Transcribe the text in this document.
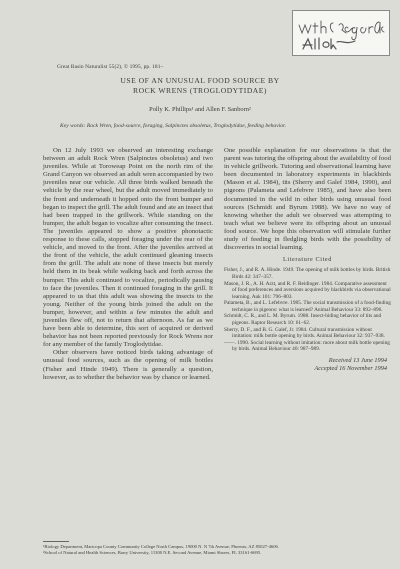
Great Basin Naturalist 55(2), © 1995, pp. 181–
USE OF AN UNUSUAL FOOD SOURCE BY
ROCK WRENS (TROGLODYTIDAE)
Polly K. Phillips¹ and Allen F. Sanborn²
Key words: Rock Wren, food-source, foraging, Salpinctes obsoletus, Troglodytidae, feeding behavior.

On 12 July 1993 we observed an interesting exchange between an adult Rock Wren (Salpinctes obsoletus) and two juveniles. While at Toroweap Point on the north rim of the Grand Canyon we observed an adult wren accompanied by two juveniles near our vehicle. All three birds walked beneath the vehicle by the rear wheel, but the adult moved immediately to the front and underneath it hopped onto the front bumper and began to inspect the grill. The adult found and ate an insect that had been trapped in the grillwork. While standing on the bumper, the adult began to vocalize after consuming the insect. The juveniles appeared to show a positive phonotactic response to these calls, stopped foraging under the rear of the vehicle, and moved to the front. After the juveniles arrived at the front of the vehicle, the adult continued gleaning insects from the grill. The adult ate none of these insects but merely held them in its beak while walking back and forth across the bumper. This adult continued to vocalize, periodically pausing to face the juveniles. Then it continued foraging in the grill. It appeared to us that this adult was showing the insects to the young. Neither of the young birds joined the adult on the bumper, however, and within a few minutes the adult and juveniles flew off, not to return that afternoon. As far as we have been able to determine, this sort of acquired or derived behavior has not been reported previously for Rock Wrens nor for any member of the family Troglodytidae.

Other observers have noticed birds taking advantage of unusual food sources, such as the opening of milk bottles (Fisher and Hinde 1949). There is generally a question, however, as to whether the behavior was by chance or learned.

One possible explanation for our observations is that the parent was tutoring the offspring about the availability of food in vehicle grillwork. Tutoring and observational learning have been documented in laboratory experiments in blackbirds (Mason et al. 1984), tits (Sherry and Galef 1984, 1990), and pigeons (Palameta and Lefebvre 1985), and have also been documented in the wild in other birds using unusual food sources (Schmidt and Byrum 1988). We have no way of knowing whether the adult we observed was attempting to teach what we believe were its offspring about an unusual food source. We hope this observation will stimulate further study of feeding in fledgling birds with the possibility of discoveries in social learning.

Literature Cited
Fisher, J., and R. A. Hinde. 1949. The opening of milk bottles by birds. British Birds 42: 347–357.
Mason, J. R., A. H. Arzt, and R. F. Reidinger. 1984. Comparative assessment of food preferences and aversions acquired by blackbirds via observational learning. Auk 101: 796–803.
Palameta, B., and L. Lefebvre. 1985. The social transmission of a food-finding technique in pigeons: what is learned? Animal Behaviour 33: 892–896.
Schmidt, C. R., and L. M. Byrum. 1988. Insect-hiding behavior of tits and pigeons. Raptor Research 10: 61–62.
Sherry, D. F., and B. G. Galef, Jr. 1984. Cultural transmission without imitation: milk bottle opening by birds. Animal Behaviour 32: 937–938.
——. 1990. Social learning without imitation: more about milk bottle opening by birds. Animal Behaviour 40: 987–989.
Received 13 June 1994
Accepted 16 November 1994
¹Biology Department, Maricopa County Community College North Campus, 19000 N. N 7th Avenue, Phoenix, AZ 85027-4606.
²School of Natural and Health Sciences, Barry University, 11300 N.E. Second Avenue, Miami Shores, FL 33161-6695.
